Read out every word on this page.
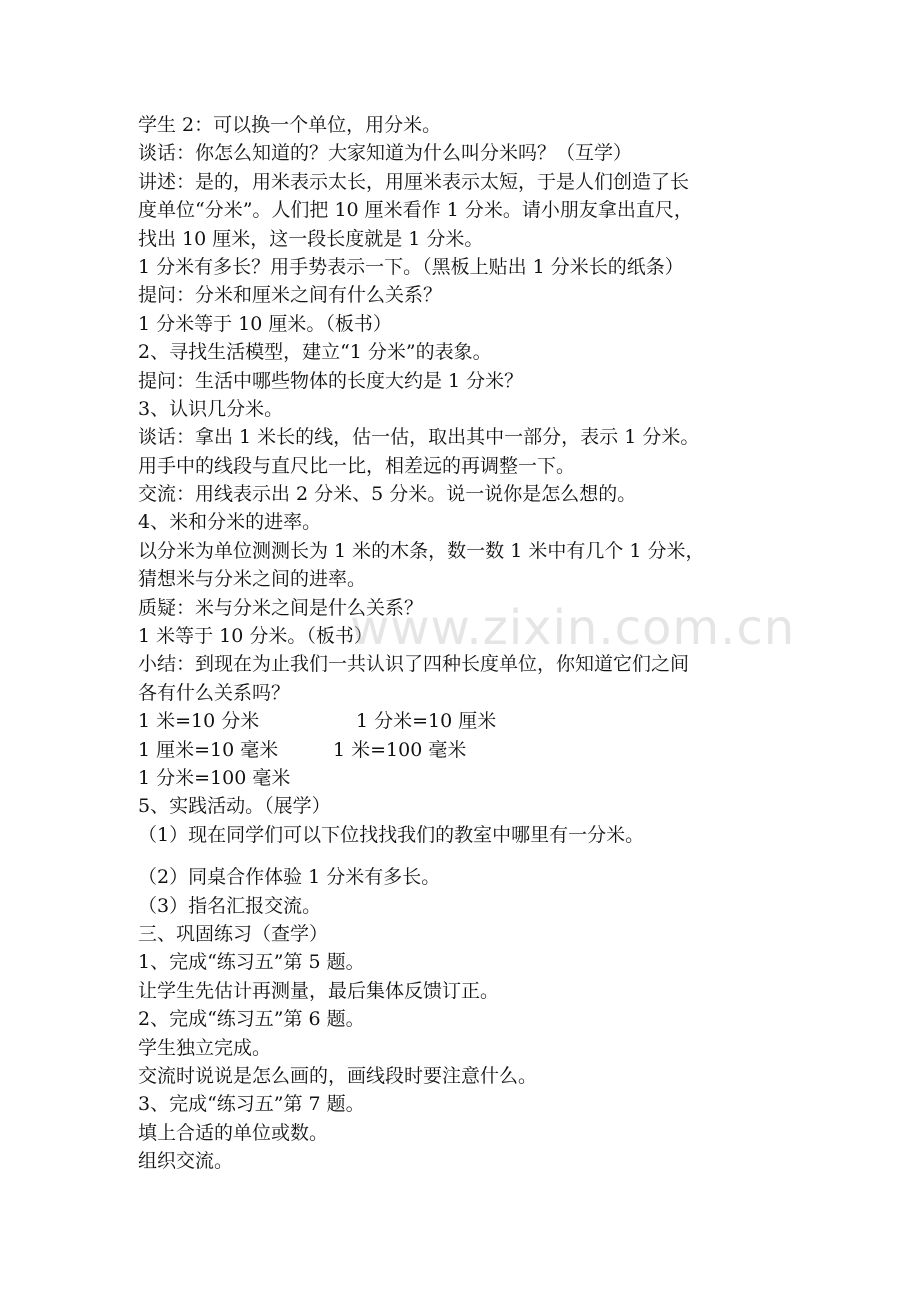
学生 2：可以换一个单位，用分米。
谈话：你怎么知道的？大家知道为什么叫分米吗？（互学）
讲述：是的，用米表示太长，用厘米表示太短，于是人们创造了长
度单位“分米”。人们把 10 厘米看作 1 分米。请小朋友拿出直尺，
找出 10 厘米，这一段长度就是 1 分米。
1 分米有多长？用手势表示一下。（黑板上贴出 1 分米长的纸条）
提问：分米和厘米之间有什么关系？
1 分米等于 10 厘米。（板书）
2、寻找生活模型，建立“1 分米”的表象。
提问：生活中哪些物体的长度大约是 1 分米？
3、认识几分米。
谈话：拿出 1 米长的线，估一估，取出其中一部分，表示 1 分米。
用手中的线段与直尺比一比，相差远的再调整一下。
交流：用线表示出 2 分米、5 分米。说一说你是怎么想的。
4、米和分米的进率。
以分米为单位测测长为 1 米的木条，数一数 1 米中有几个 1 分米，
猜想米与分米之间的进率。
质疑：米与分米之间是什么关系？
1 米等于 10 分米。（板书）
小结：到现在为止我们一共认识了四种长度单位，你知道它们之间
各有什么关系吗？
1 米=10 分米	1 分米=10 厘米
1 厘米=10 毫米	1 米=100 毫米
1 分米=100 毫米
5、实践活动。（展学）
（1）现在同学们可以下位找找我们的教室中哪里有一分米。
（2）同桌合作体验 1 分米有多长。
（3）指名汇报交流。
三、巩固练习（查学）
1、完成“练习五”第 5 题。
让学生先估计再测量，最后集体反馈订正。
2、完成“练习五”第 6 题。
学生独立完成。
交流时说说是怎么画的，画线段时要注意什么。
3、完成“练习五”第 7 题。
填上合适的单位或数。
组织交流。
www.zixin.com.cn
